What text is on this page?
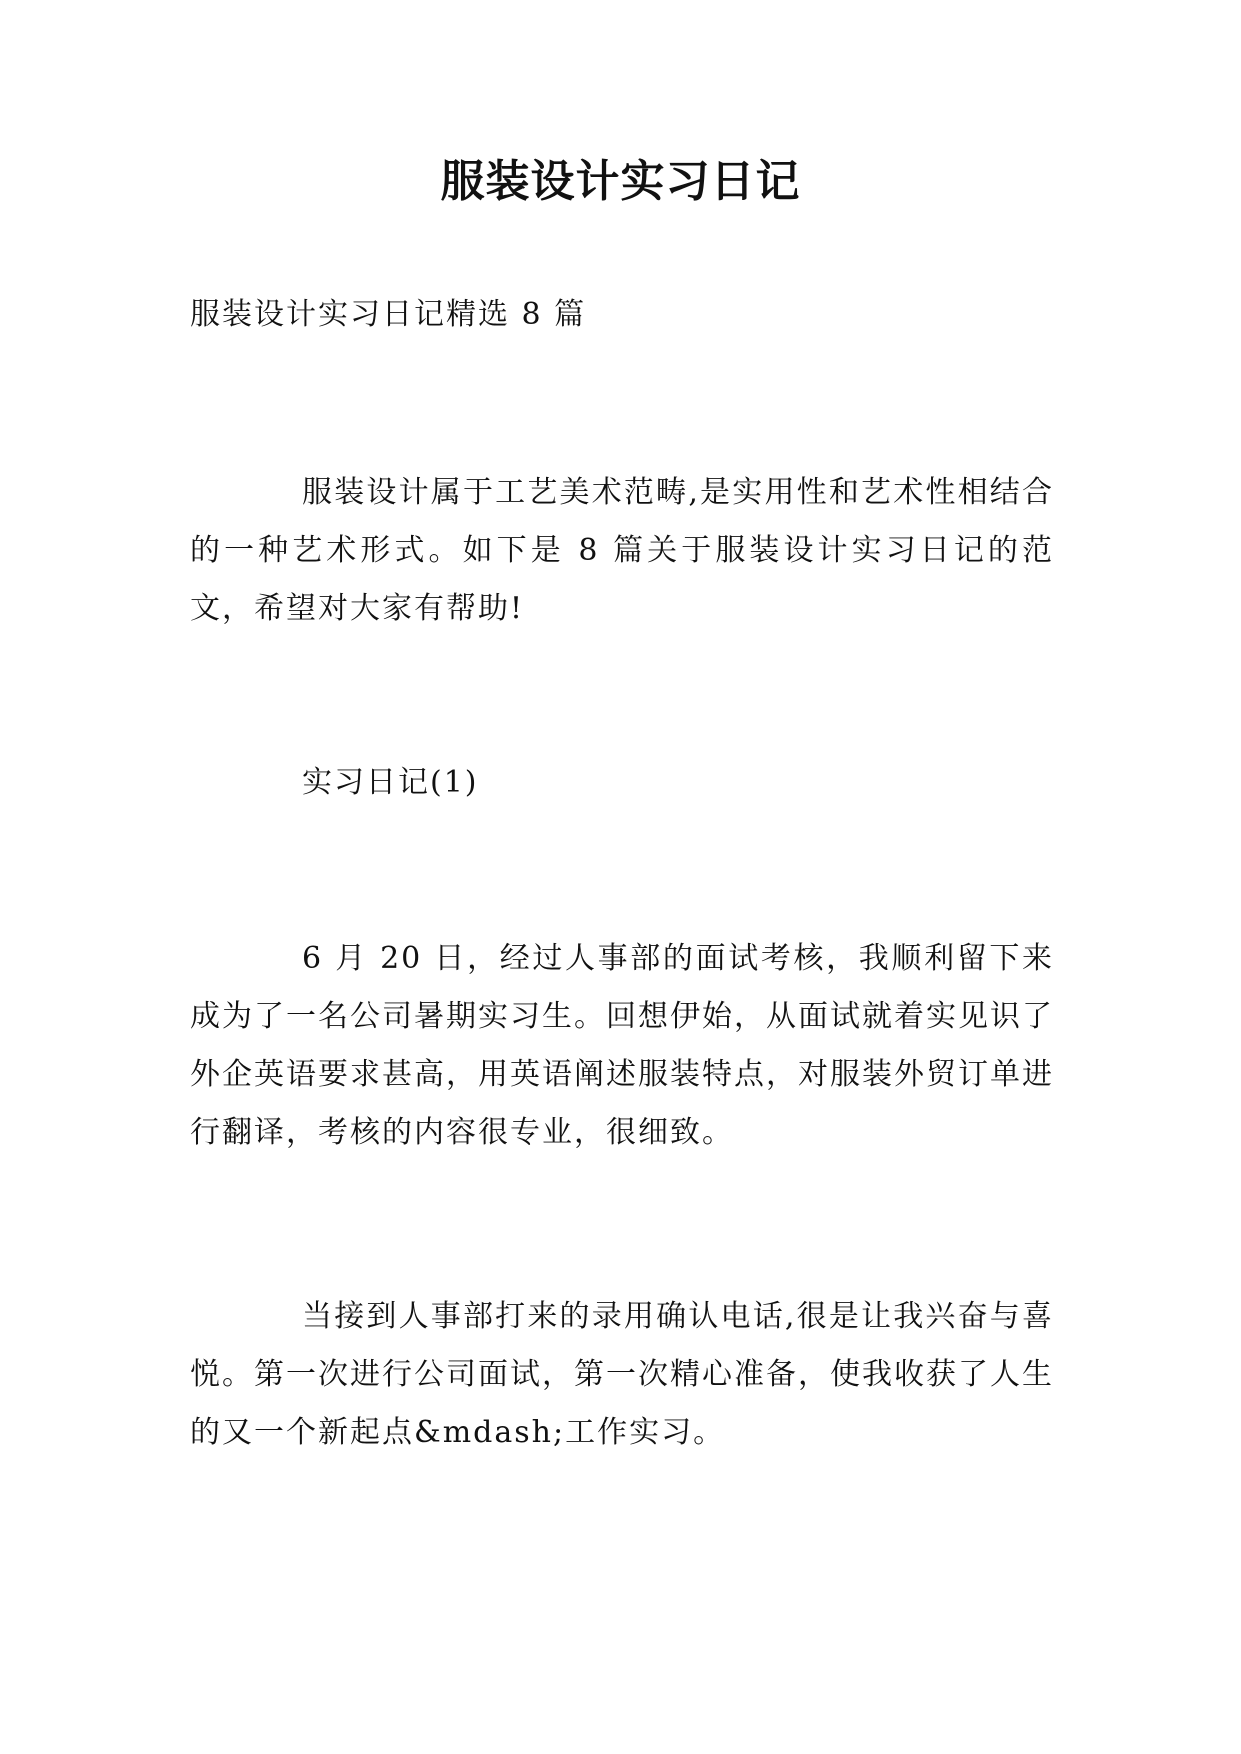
服装设计实习日记
服装设计实习日记精选 8 篇
服装设计属于工艺美术范畴,是实用性和艺术性相结合的一种艺术形式。如下是 8 篇关于服装设计实习日记的范文，希望对大家有帮助!
实习日记(1)
6 月 20 日，经过人事部的面试考核，我顺利留下来成为了一名公司暑期实习生。回想伊始，从面试就着实见识了外企英语要求甚高，用英语阐述服装特点，对服装外贸订单进行翻译，考核的内容很专业，很细致。
当接到人事部打来的录用确认电话,很是让我兴奋与喜悦。第一次进行公司面试，第一次精心准备，使我收获了人生的又一个新起点&mdash;工作实习。
